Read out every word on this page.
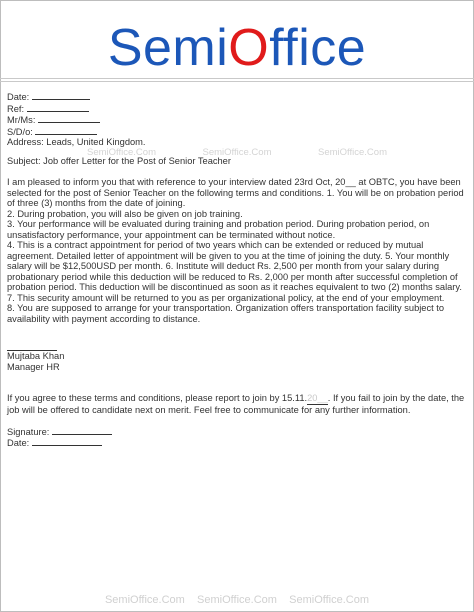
SemiOffice

Date:

Ref:

Mr/Ms:

S/D/o:

Address: Leads, United Kingdom.

SemiOffice.Com	SemiOffice.Com	SemiOffice.Com

Subject: Job offer Letter for the Post of Senior Teacher

I am pleased to inform you that with reference to your interview dated 23rd Oct, 20__ at OBTC, you have been selected for the post of Senior Teacher on the following terms and conditions. 1. You will be on probation period of three (3) months from the date of joining.

2. During probation, you will also be given on job training.

3. Your performance will be evaluated during training and probation period. During probation period, on unsatisfactory performance, your appointment can be terminated without notice.

4. This is a contract appointment for period of two years which can be extended or reduced by mutual agreement. Detailed letter of appointment will be given to you at the time of joining the duty. 5. Your monthly salary will be $12,500USD per month. 6. Institute will deduct Rs. 2,500 per month from your salary during probationary period while this deduction will be reduced to Rs. 2,000 per month after successful completion of probation period. This deduction will be discontinued as soon as it reaches equivalent to two (2) months salary.

7. This security amount will be returned to you as per organizational policy, at the end of your employment.

8. You are supposed to arrange for your transportation. Organization offers transportation facility subject to availability with payment according to distance.

Mujtaba Khan

Manager HR

If you agree to these terms and conditions, please report to join by 15.11.20__. If you fail to join by the date, the job will be offered to candidate next on merit. Feel free to communicate for any further information.

Signature:

Date:

SemiOffice.Com    SemiOffice.Com    SemiOffice.Com
